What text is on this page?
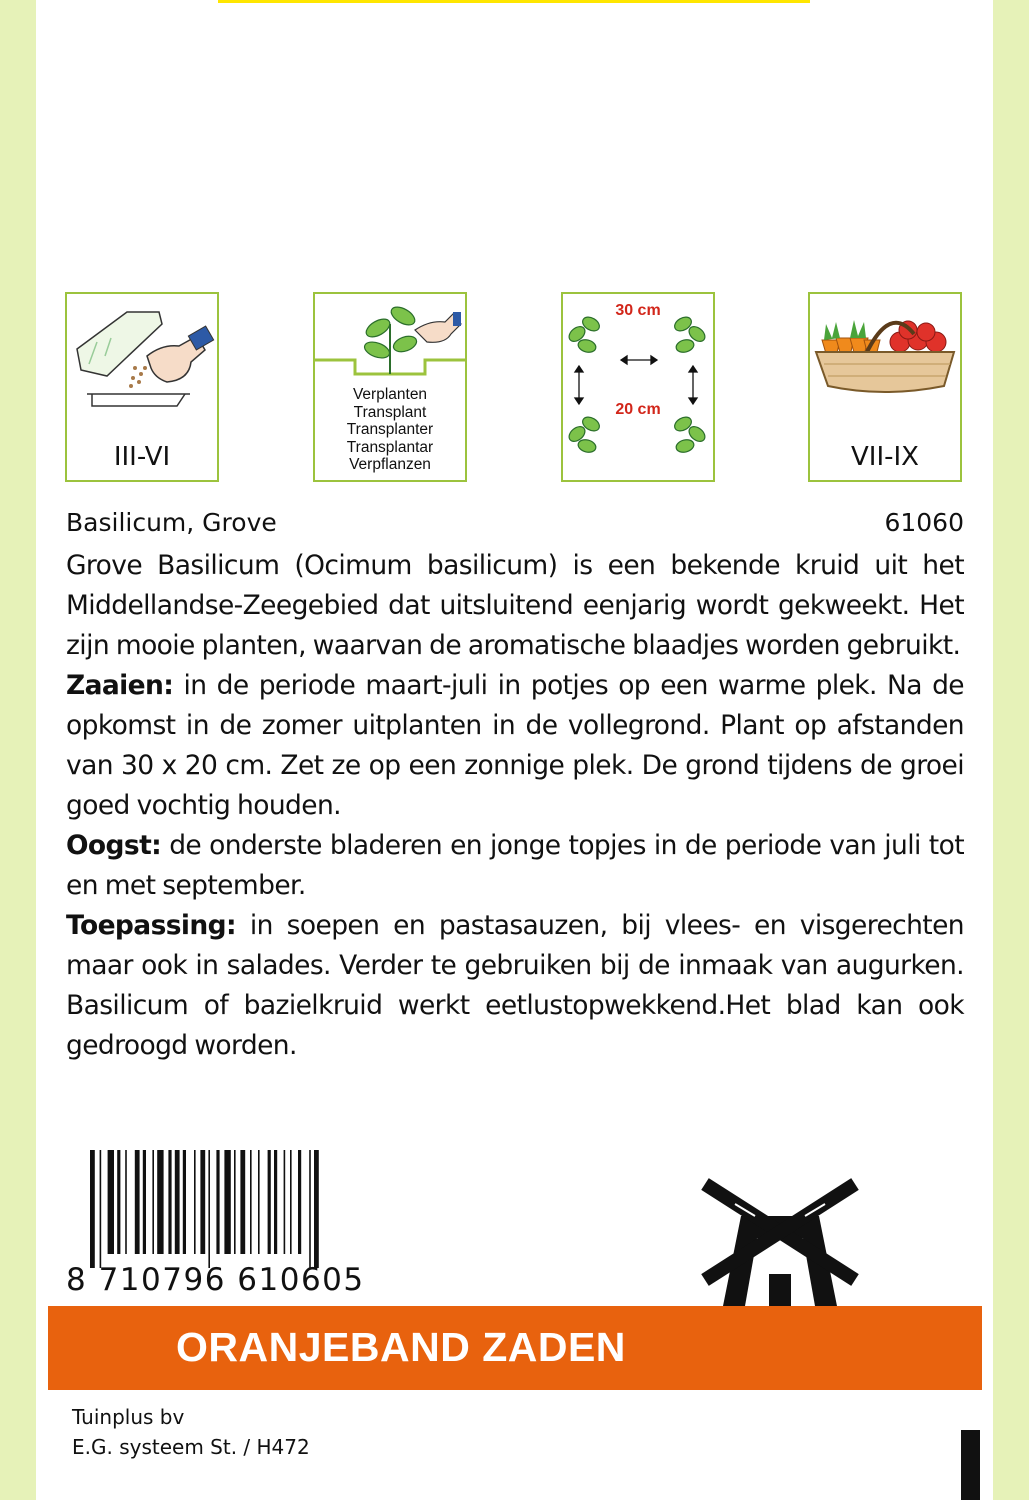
III-VI
Verplanten
Transplant
Transplanter
Transplantar
Verpflanzen
30 cm
20 cm
VII-IX
Basilicum, Grove	61060

Grove Basilicum (Ocimum basilicum) is een bekende kruid uit het Middellandse-Zeegebied dat uitsluitend eenjarig wordt gekweekt. Het zijn mooie planten, waarvan de aromatische blaadjes worden gebruikt.

Zaaien: in de periode maart-juli in potjes op een warme plek. Na de opkomst in de zomer uitplanten in de vollegrond. Plant op afstanden van 30 x 20 cm. Zet ze op een zonnige plek. De grond tijdens de groei goed vochtig houden.

Oogst: de onderste bladeren en jonge topjes in de periode van juli tot en met september.

Toepassing: in soepen en pastasauzen, bij vlees- en visgerechten maar ook in salades. Verder te gebruiken bij de inmaak van augurken. Basilicum of bazielkruid werkt eetlustopwekkend.Het blad kan ook gedroogd worden.

8 710796 610605
ORANJEBAND ZADEN
Tuinplus bv
E.G. systeem St. / H472
